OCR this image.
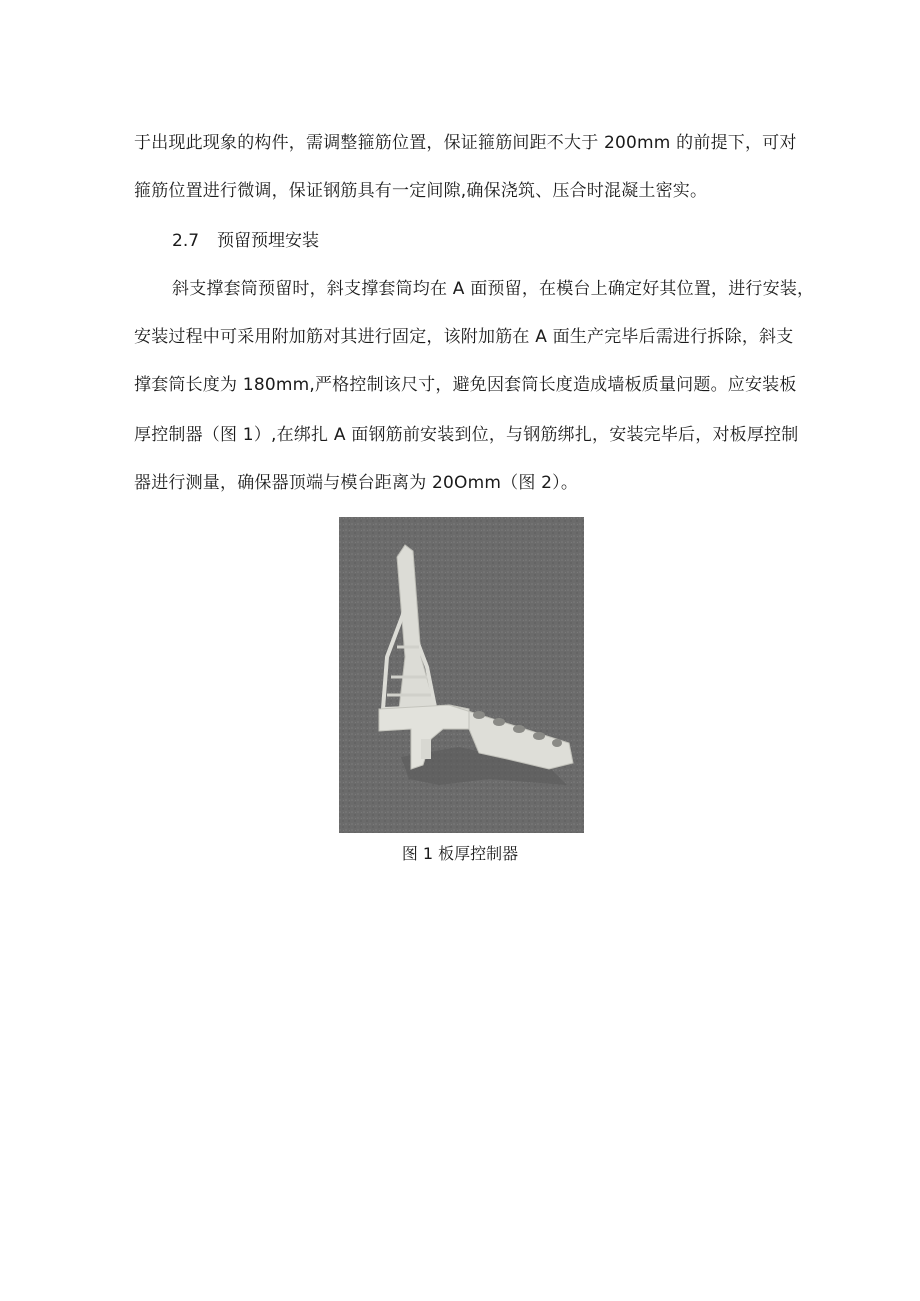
于出现此现象的构件，需调整箍筋位置，保证箍筋间距不大于 200mm 的前提下，可对
箍筋位置进行微调，保证钢筋具有一定间隙,确保浇筑、压合时混凝土密实。
2.7 预留预埋安装
斜支撑套筒预留时，斜支撑套筒均在 A 面预留，在模台上确定好其位置，进行安装，
安装过程中可采用附加筋对其进行固定，该附加筋在 A 面生产完毕后需进行拆除，斜支
撑套筒长度为 180mm,严格控制该尺寸，避免因套筒长度造成墙板质量问题。应安装板
厚控制器（图 1）,在绑扎 A 面钢筋前安装到位，与钢筋绑扎，安装完毕后，对板厚控制
器进行测量，确保器顶端与模台距离为 20Omm（图 2）。
图 1 板厚控制器
